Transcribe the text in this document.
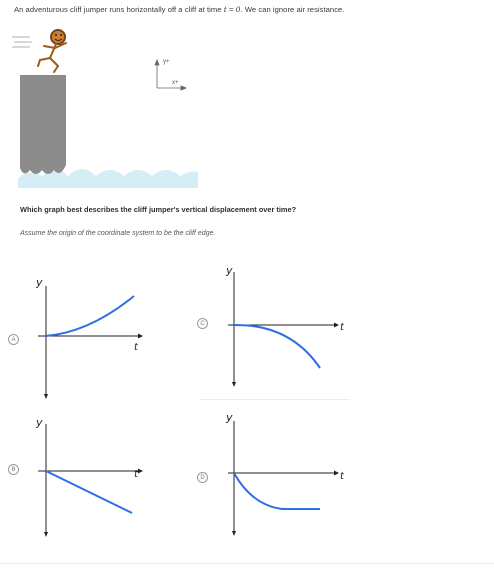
An adventurous cliff jumper runs horizontally off a cliff at time t = 0. We can ignore air resistance.
y+
x+
Which graph best describes the cliff jumper's vertical displacement over time?
Assume the origin of the coordinate system to be the cliff edge.
A
y
t
C
y
t
B
y
t	D
y
t
